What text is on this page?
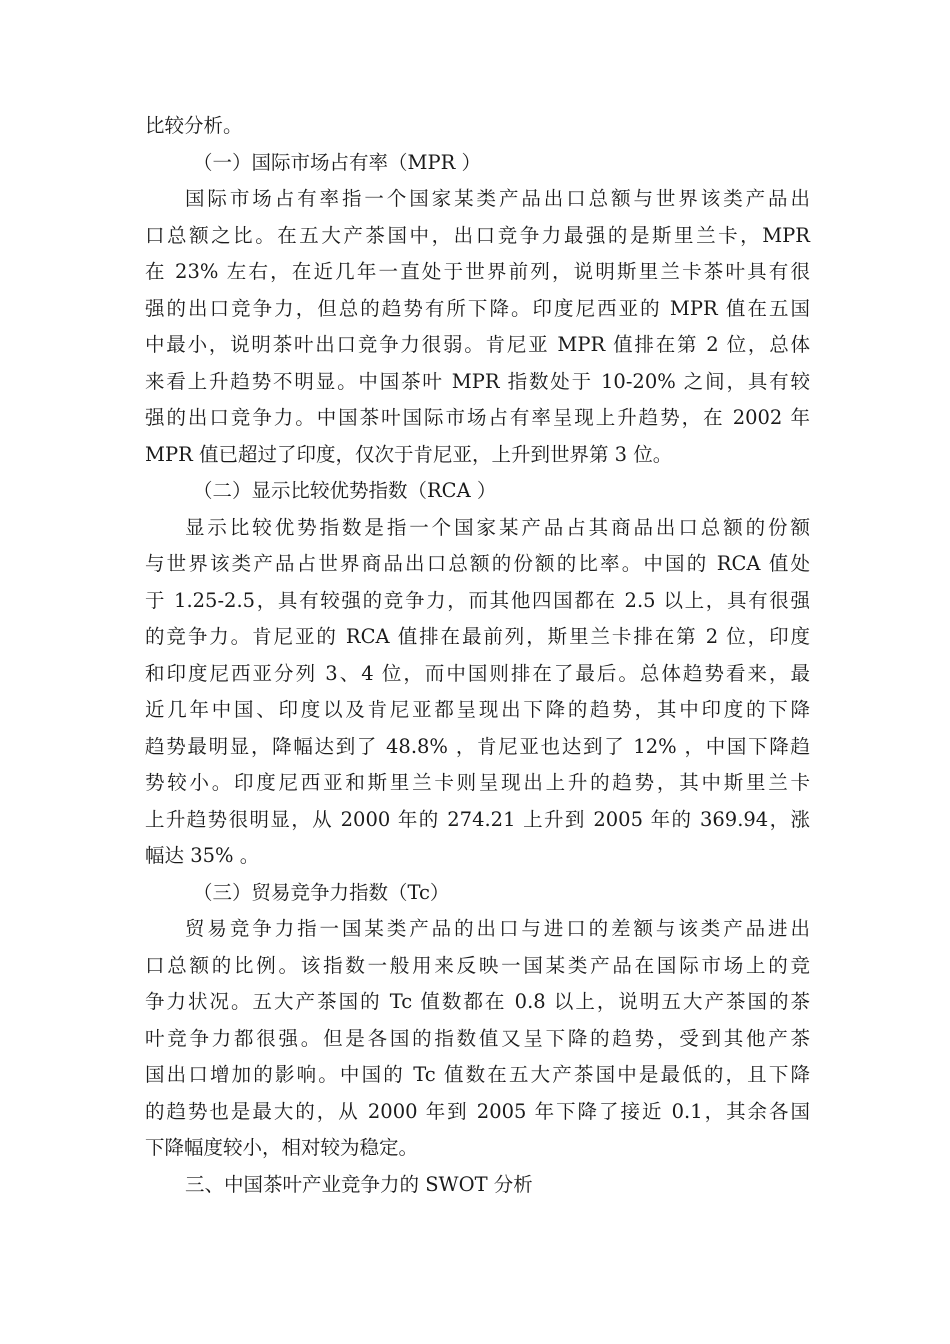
比较分析。
（一）国际市场占有率（MPR ）
国际市场占有率指一个国家某类产品出口总额与世界该类产品出
口总额之比。在五大产茶国中，出口竞争力最强的是斯里兰卡，MPR
在 23% 左右，在近几年一直处于世界前列，说明斯里兰卡茶叶具有很
强的出口竞争力，但总的趋势有所下降。印度尼西亚的 MPR 值在五国
中最小，说明茶叶出口竞争力很弱。肯尼亚 MPR 值排在第 2 位，总体
来看上升趋势不明显。中国茶叶 MPR 指数处于 10-20% 之间，具有较
强的出口竞争力。中国茶叶国际市场占有率呈现上升趋势，在 2002 年
MPR 值已超过了印度，仅次于肯尼亚，上升到世界第 3 位。
（二）显示比较优势指数（RCA ）
显示比较优势指数是指一个国家某产品占其商品出口总额的份额
与世界该类产品占世界商品出口总额的份额的比率。中国的 RCA 值处
于 1.25-2.5，具有较强的竞争力，而其他四国都在 2.5 以上，具有很强
的竞争力。肯尼亚的 RCA 值排在最前列，斯里兰卡排在第 2 位，印度
和印度尼西亚分列 3、4 位，而中国则排在了最后。总体趋势看来，最
近几年中国、印度以及肯尼亚都呈现出下降的趋势，其中印度的下降
趋势最明显，降幅达到了 48.8% ，肯尼亚也达到了 12% ，中国下降趋
势较小。印度尼西亚和斯里兰卡则呈现出上升的趋势，其中斯里兰卡
上升趋势很明显，从 2000 年的 274.21 上升到 2005 年的 369.94，涨
幅达 35% 。
（三）贸易竞争力指数（Tc）
贸易竞争力指一国某类产品的出口与进口的差额与该类产品进出
口总额的比例。该指数一般用来反映一国某类产品在国际市场上的竞
争力状况。五大产茶国的 Tc 值数都在 0.8 以上，说明五大产茶国的茶
叶竞争力都很强。但是各国的指数值又呈下降的趋势，受到其他产茶
国出口增加的影响。中国的 Tc 值数在五大产茶国中是最低的，且下降
的趋势也是最大的，从 2000 年到 2005 年下降了接近 0.1，其余各国
下降幅度较小，相对较为稳定。
三、中国茶叶产业竞争力的 SWOT 分析
